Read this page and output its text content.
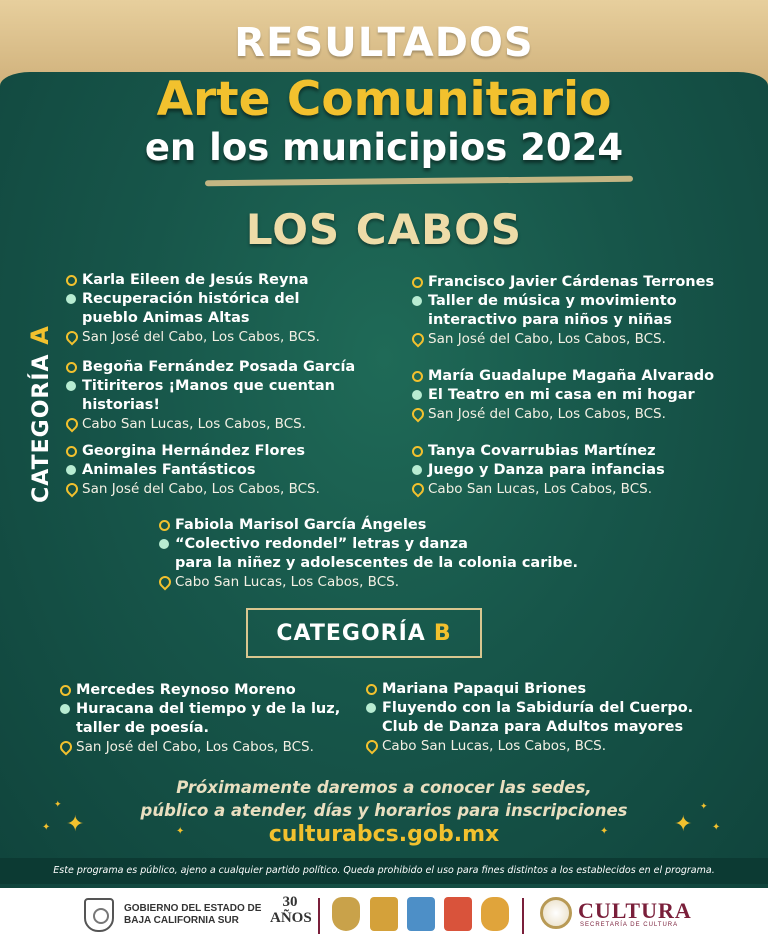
RESULTADOS
Arte Comunitario
en los municipios 2024
LOS CABOS
CATEGORÍA A
Karla Eileen de Jesús Reyna
Recuperación histórica del
pueblo Animas Altas
San José del Cabo, Los Cabos, BCS.
Francisco Javier Cárdenas Terrones
Taller de música y movimiento
interactivo para niños y niñas
San José del Cabo, Los Cabos, BCS.
Begoña Fernández Posada García
Titiriteros ¡Manos que cuentan
historias!
Cabo San Lucas, Los Cabos, BCS.
María Guadalupe Magaña Alvarado
El Teatro en mi casa en mi hogar
San José del Cabo, Los Cabos, BCS.
Georgina Hernández Flores
Animales Fantásticos
San José del Cabo, Los Cabos, BCS.
Tanya Covarrubias Martínez
Juego y Danza para infancias
Cabo San Lucas, Los Cabos, BCS.
Fabiola Marisol García Ángeles
“Colectivo redondel” letras y danza
para la niñez y adolescentes de la colonia caribe.
Cabo San Lucas, Los Cabos, BCS.
CATEGORÍA B
Mercedes Reynoso Moreno
Huracana del tiempo y de la luz,
taller de poesía.
San José del Cabo, Los Cabos, BCS.
Mariana Papaqui Briones
Fluyendo con la Sabiduría del Cuerpo.
Club de Danza para Adultos mayores
Cabo San Lucas, Los Cabos, BCS.
Próximamente daremos a conocer las sedes,
público a atender, días y horarios para inscripciones
culturabcs.gob.mx
✦
✦
✦
✦	✦ ✦
✦
✦
Este programa es público, ajeno a cualquier partido político. Queda prohibido el uso para fines distintos a los establecidos en el programa.
GOBIERNO DEL ESTADO DE
BAJA CALIFORNIA SUR
30 AÑOS	CULTURA
SECRETARÍA DE CULTURA
